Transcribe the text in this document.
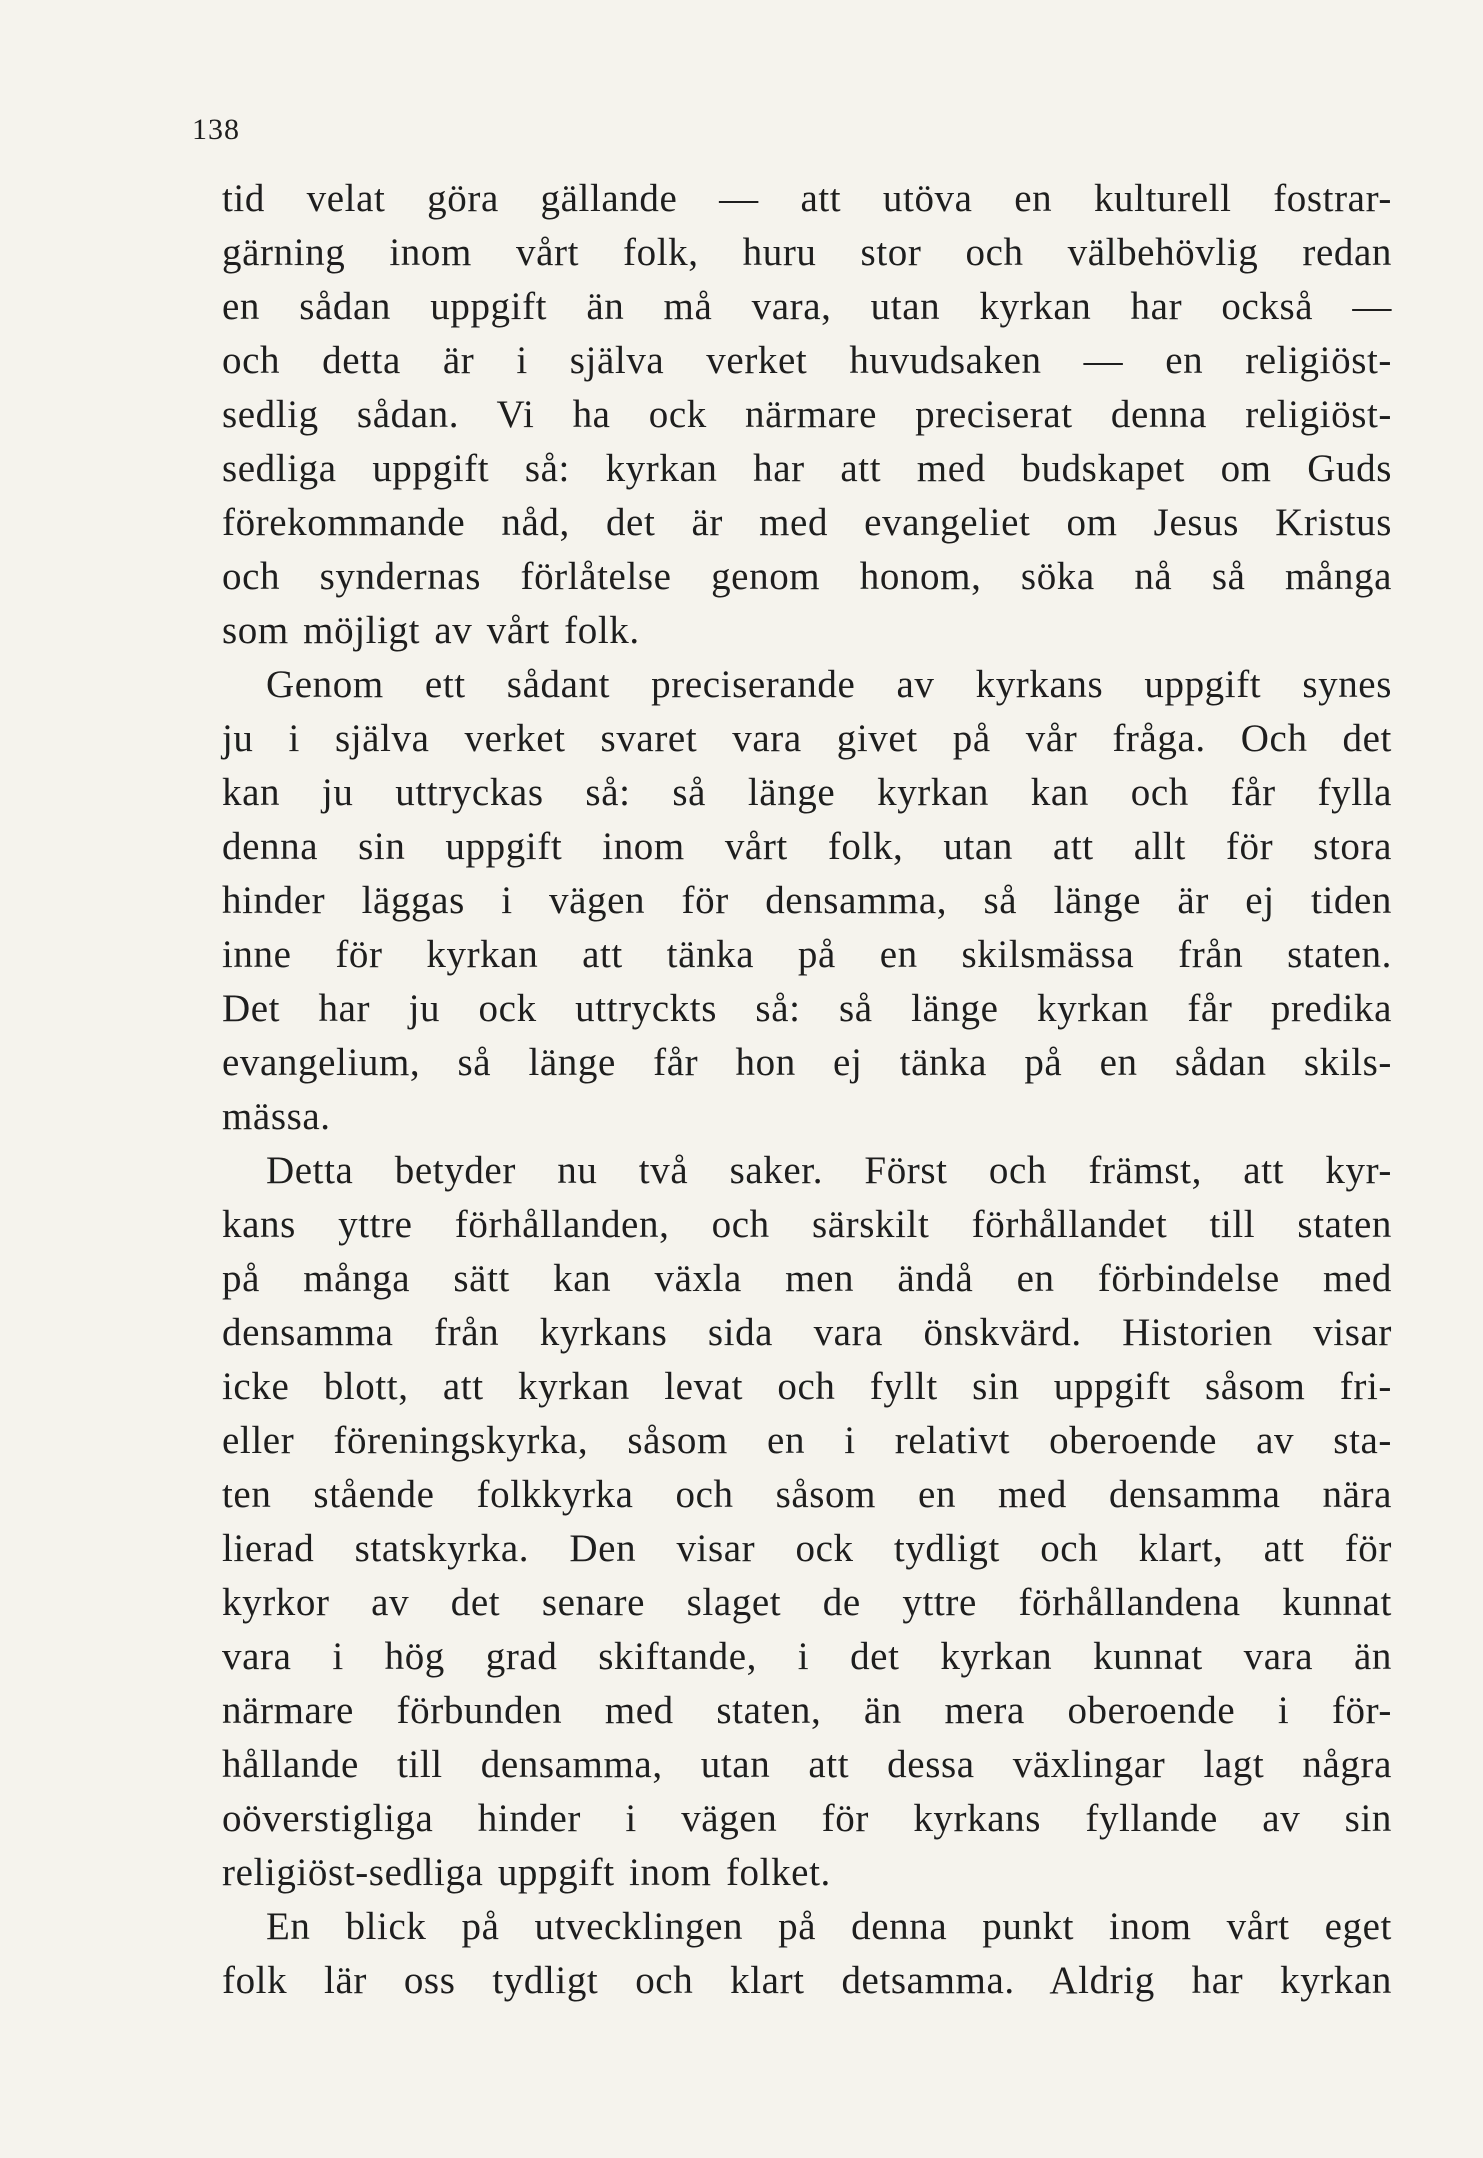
138
tid velat göra gällande — att utöva en kulturell fostrar-
gärning inom vårt folk, huru stor och välbehövlig redan
en sådan uppgift än må vara, utan kyrkan har också —
och detta är i själva verket huvudsaken — en religiöst-
sedlig sådan. Vi ha ock närmare preciserat denna religiöst-
sedliga uppgift så: kyrkan har att med budskapet om Guds
förekommande nåd, det är med evangeliet om Jesus Kristus
och syndernas förlåtelse genom honom, söka nå så många
som möjligt av vårt folk.
Genom ett sådant preciserande av kyrkans uppgift synes
ju i själva verket svaret vara givet på vår fråga. Och det
kan ju uttryckas så: så länge kyrkan kan och får fylla
denna sin uppgift inom vårt folk, utan att allt för stora
hinder läggas i vägen för densamma, så länge är ej tiden
inne för kyrkan att tänka på en skilsmässa från staten.
Det har ju ock uttryckts så: så länge kyrkan får predika
evangelium, så länge får hon ej tänka på en sådan skils-
mässa.
Detta betyder nu två saker. Först och främst, att kyr-
kans yttre förhållanden, och särskilt förhållandet till staten
på många sätt kan växla men ändå en förbindelse med
densamma från kyrkans sida vara önskvärd. Historien visar
icke blott, att kyrkan levat och fyllt sin uppgift såsom fri-
eller föreningskyrka, såsom en i relativt oberoende av sta-
ten stående folkkyrka och såsom en med densamma nära
lierad statskyrka. Den visar ock tydligt och klart, att för
kyrkor av det senare slaget de yttre förhållandena kunnat
vara i hög grad skiftande, i det kyrkan kunnat vara än
närmare förbunden med staten, än mera oberoende i för-
hållande till densamma, utan att dessa växlingar lagt några
oöverstigliga hinder i vägen för kyrkans fyllande av sin
religiöst-sedliga uppgift inom folket.
En blick på utvecklingen på denna punkt inom vårt eget
folk lär oss tydligt och klart detsamma. Aldrig har kyrkan
